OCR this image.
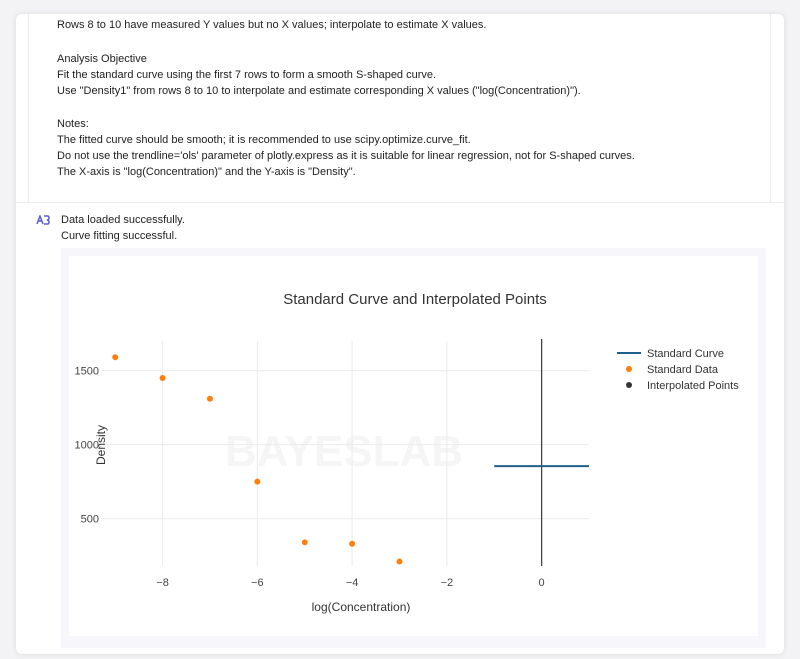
Rows 8 to 10 have measured Y values but no X values; interpolate to estimate X values.
Analysis Objective
Fit the standard curve using the first 7 rows to form a smooth S-shaped curve.
Use "Density1" from rows 8 to 10 to interpolate and estimate corresponding X values ("log(Concentration)").
Notes:
The fitted curve should be smooth; it is recommended to use scipy.optimize.curve_fit.
Do not use the trendline='ols' parameter of plotly.express as it is suitable for linear regression, not for S-shaped curves.
The X-axis is "log(Concentration)" and the Y-axis is "Density".
Data loaded successfully.
Curve fitting successful.
BAYESLAB
−8	−6	−4	−2	0
500
1000
1500
Standard Curve and Interpolated Points
log(Concentration)
Density
Standard Curve
Standard Data
Interpolated Points
